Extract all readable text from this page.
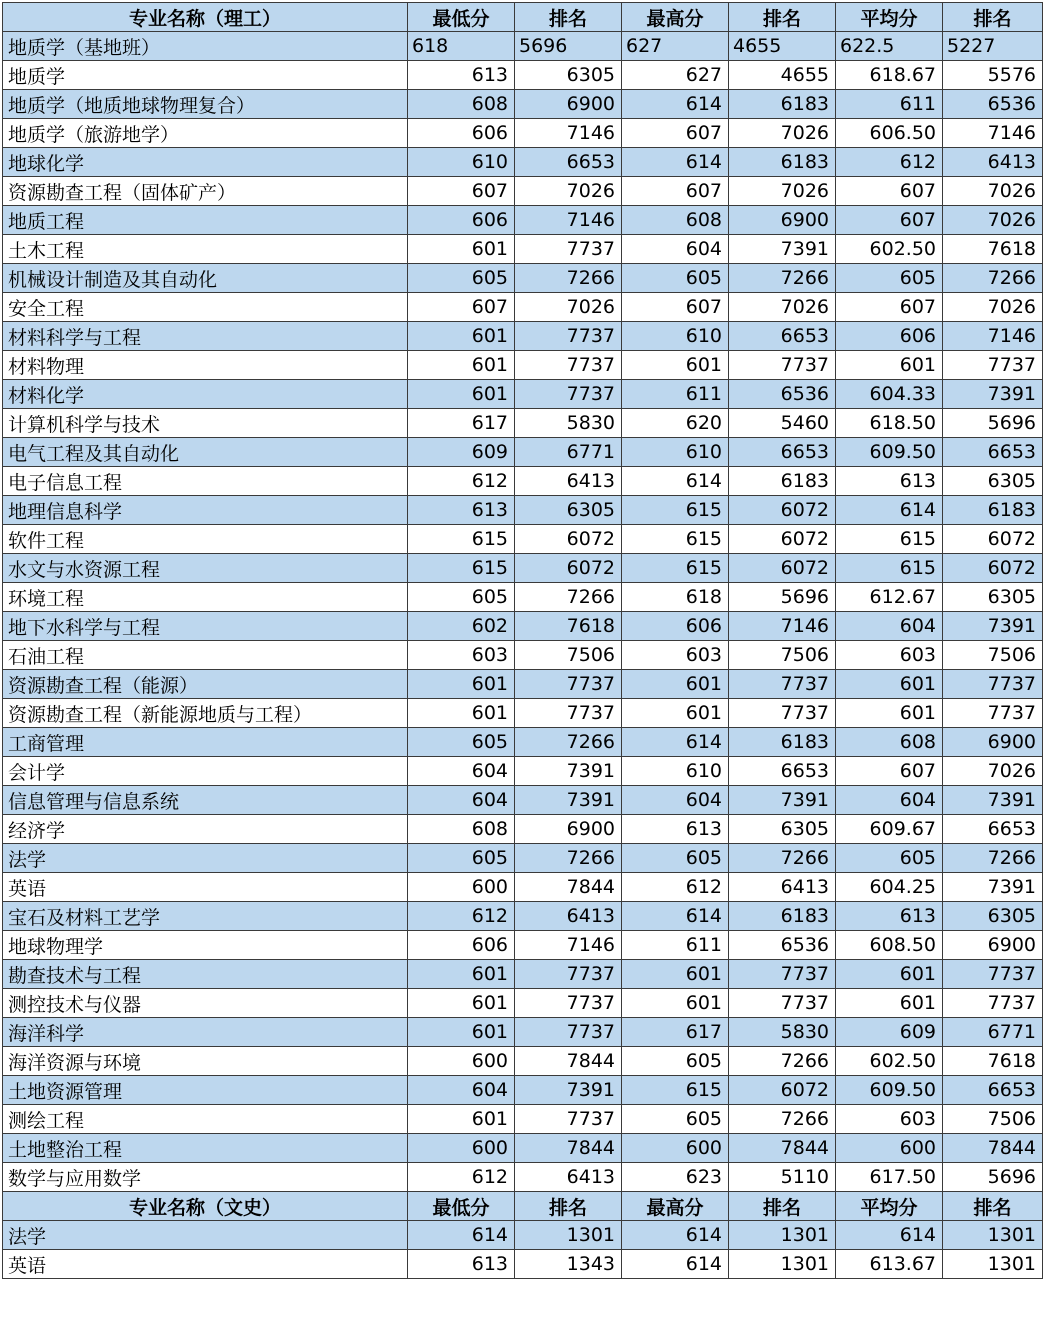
专业名称（理工）	最低分	排名	最高分	排名	平均分	排名
地质学（基地班）	618	5696	627	4655	622.5	5227
地质学	613	6305	627	4655	618.67	5576
地质学（地质地球物理复合）	608	6900	614	6183	611	6536
地质学（旅游地学）	606	7146	607	7026	606.50	7146
地球化学	610	6653	614	6183	612	6413
资源勘查工程（固体矿产）	607	7026	607	7026	607	7026
地质工程	606	7146	608	6900	607	7026
土木工程	601	7737	604	7391	602.50	7618
机械设计制造及其自动化	605	7266	605	7266	605	7266
安全工程	607	7026	607	7026	607	7026
材料科学与工程	601	7737	610	6653	606	7146
材料物理	601	7737	601	7737	601	7737
材料化学	601	7737	611	6536	604.33	7391
计算机科学与技术	617	5830	620	5460	618.50	5696
电气工程及其自动化	609	6771	610	6653	609.50	6653
电子信息工程	612	6413	614	6183	613	6305
地理信息科学	613	6305	615	6072	614	6183
软件工程	615	6072	615	6072	615	6072
水文与水资源工程	615	6072	615	6072	615	6072
环境工程	605	7266	618	5696	612.67	6305
地下水科学与工程	602	7618	606	7146	604	7391
石油工程	603	7506	603	7506	603	7506
资源勘查工程（能源）	601	7737	601	7737	601	7737
资源勘查工程（新能源地质与工程）	601	7737	601	7737	601	7737
工商管理	605	7266	614	6183	608	6900
会计学	604	7391	610	6653	607	7026
信息管理与信息系统	604	7391	604	7391	604	7391
经济学	608	6900	613	6305	609.67	6653
法学	605	7266	605	7266	605	7266
英语	600	7844	612	6413	604.25	7391
宝石及材料工艺学	612	6413	614	6183	613	6305
地球物理学	606	7146	611	6536	608.50	6900
勘查技术与工程	601	7737	601	7737	601	7737
测控技术与仪器	601	7737	601	7737	601	7737
海洋科学	601	7737	617	5830	609	6771
海洋资源与环境	600	7844	605	7266	602.50	7618
土地资源管理	604	7391	615	6072	609.50	6653
测绘工程	601	7737	605	7266	603	7506
土地整治工程	600	7844	600	7844	600	7844
数学与应用数学	612	6413	623	5110	617.50	5696
专业名称（文史）	最低分	排名	最高分	排名	平均分	排名
法学	614	1301	614	1301	614	1301
英语	613	1343	614	1301	613.67	1301
